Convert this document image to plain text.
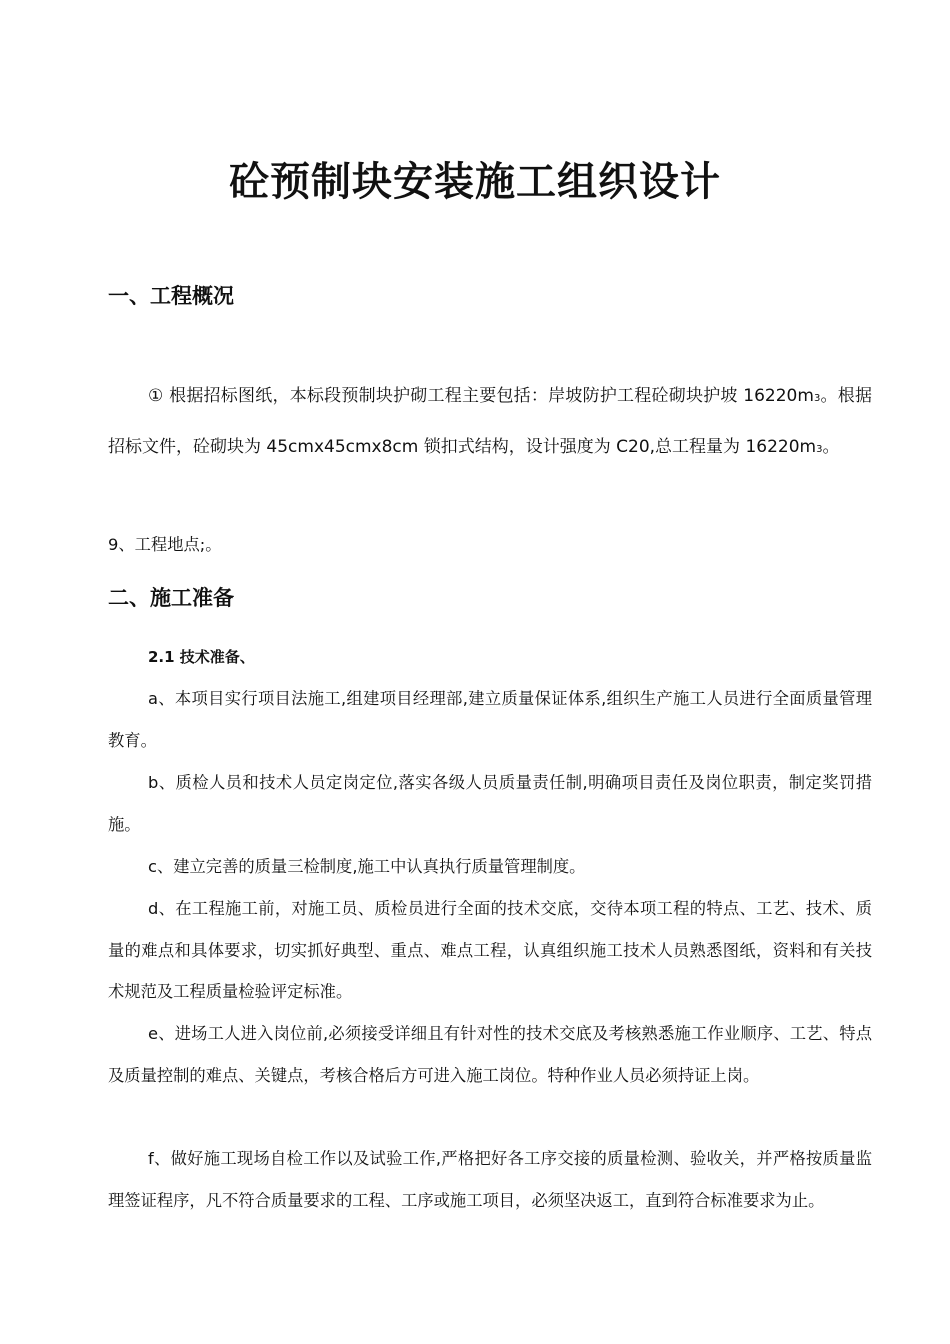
砼预制块安装施工组织设计
一、工程概况

① 根据招标图纸，本标段预制块护砌工程主要包括：岸坡防护工程砼砌块护坡 16220m3。根据招标文件，砼砌块为 45cmx45cmx8cm 锁扣式结构，设计强度为 C20,总工程量为 16220m3。

9、工程地点;。

二、施工准备
2.1 技术准备、

a、本项目实行项目法施工,组建项目经理部,建立质量保证体系,组织生产施工人员进行全面质量管理教育。

b、质检人员和技术人员定岗定位,落实各级人员质量责任制,明确项目责任及岗位职责，制定奖罚措施。

c、建立完善的质量三检制度,施工中认真执行质量管理制度。

d、在工程施工前，对施工员、质检员进行全面的技术交底，交待本项工程的特点、工艺、技术、质量的难点和具体要求，切实抓好典型、重点、难点工程，认真组织施工技术人员熟悉图纸，资料和有关技术规范及工程质量检验评定标准。

e、进场工人进入岗位前,必须接受详细且有针对性的技术交底及考核熟悉施工作业顺序、工艺、特点及质量控制的难点、关键点，考核合格后方可进入施工岗位。特种作业人员必须持证上岗。

f、做好施工现场自检工作以及试验工作,严格把好各工序交接的质量检测、验收关，并严格按质量监理签证程序，凡不符合质量要求的工程、工序或施工项目，必须坚决返工，直到符合标准要求为止。
